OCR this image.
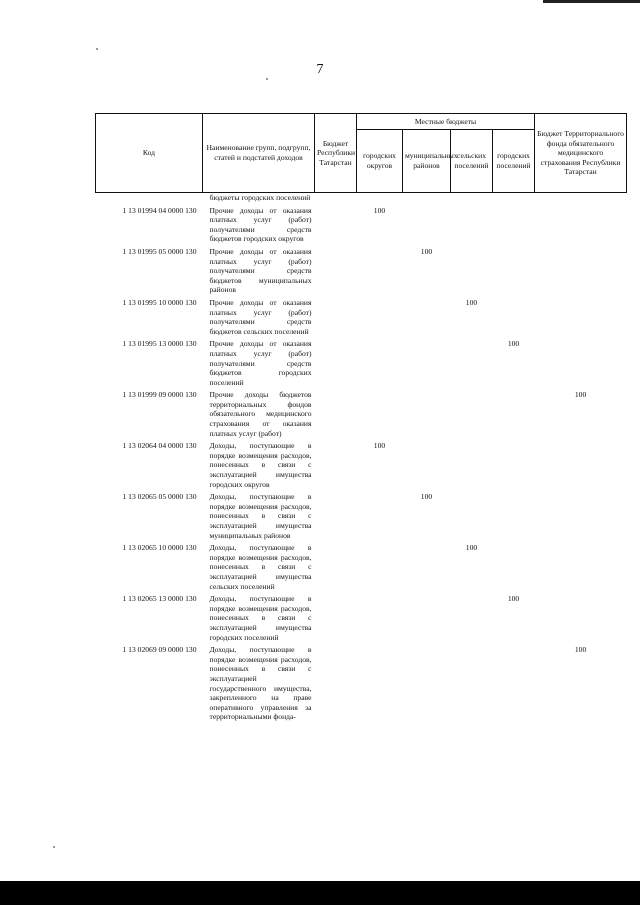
7
Код	Наименование групп, подгрупп, статей и подстатей доходов	Бюджет Республики Татарстан	Местные бюджеты				Бюджет Территориального фонда обязательного медицинского страхования Республики Татарстан
			городских округов	муниципальных районов	сельских поселений	городских поселений	
	бюджеты городских поселений						
1 13 01994 04 0000 130	Прочие доходы от оказания платных услуг (работ) получателями средств бюджетов городских округов		100				
1 13 01995 05 0000 130	Прочие доходы от оказания платных услуг (работ) получателями средств бюджетов муниципальных районов			100			
1 13 01995 10 0000 130	Прочие доходы от оказания платных услуг (работ) получателями средств бюджетов сельских поселений				100		
1 13 01995 13 0000 130	Прочие доходы от оказания платных услуг (работ) получателями средств бюджетов городских поселений					100	
1 13 01999 09 0000 130	Прочие доходы бюджетов территориальных фондов обязательного медицинского страхования от оказания платных услуг (работ)						100
1 13 02064 04 0000 130	Доходы, поступающие в порядке возмещения расходов, понесенных в связи с эксплуатацией имущества городских округов		100				
1 13 02065 05 0000 130	Доходы, поступающие в порядке возмещения расходов, понесенных в связи с эксплуатацией имущества муниципальных районов			100			
1 13 02065 10 0000 130	Доходы, поступающие в порядке возмещения расходов, понесенных в связи с эксплуатацией имущества сельских поселений				100		
1 13 02065 13 0000 130	Доходы, поступающие в порядке возмещения расходов, понесенных в связи с эксплуатацией имущества городских поселений					100	
1 13 02069 09 0000 130	Доходы, поступающие в порядке возмещения расходов, понесенных в связи с эксплуатацией государственного имущества, закрепленного на праве оперативного управления за территориальными фонда-						100
